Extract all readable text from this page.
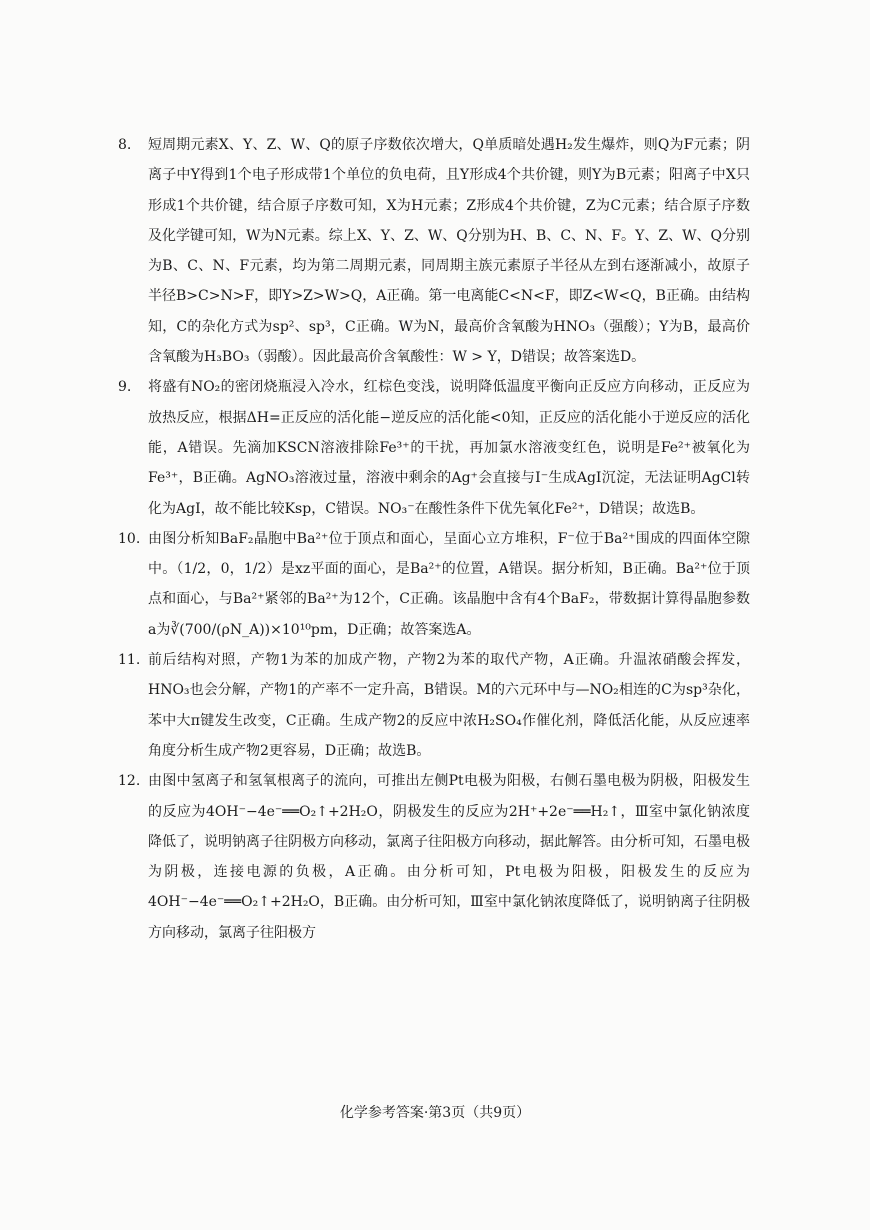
8.	短周期元素X、Y、Z、W、Q的原子序数依次增大，Q单质暗处遇H₂发生爆炸，则Q为F元素；阴离子中Y得到1个电子形成带1个单位的负电荷，且Y形成4个共价键，则Y为B元素；阳离子中X只形成1个共价键，结合原子序数可知，X为H元素；Z形成4个共价键，Z为C元素；结合原子序数及化学键可知，W为N元素。综上X、Y、Z、W、Q分别为H、B、C、N、F。Y、Z、W、Q分别为B、C、N、F元素，均为第二周期元素，同周期主族元素原子半径从左到右逐渐减小，故原子半径B>C>N>F，即Y>Z>W>Q，A正确。第一电离能C<N<F，即Z<W<Q，B正确。由结构知，C的杂化方式为sp²、sp³，C正确。W为N，最高价含氧酸为HNO₃（强酸）；Y为B，最高价含氧酸为H₃BO₃（弱酸）。因此最高价含氧酸性：W > Y，D错误；故答案选D。
9.	将盛有NO₂的密闭烧瓶浸入冷水，红棕色变浅，说明降低温度平衡向正反应方向移动，正反应为放热反应，根据ΔH=正反应的活化能−逆反应的活化能<0知，正反应的活化能小于逆反应的活化能，A错误。先滴加KSCN溶液排除Fe³⁺的干扰，再加氯水溶液变红色，说明是Fe²⁺被氧化为Fe³⁺，B正确。AgNO₃溶液过量，溶液中剩余的Ag⁺会直接与I⁻生成AgI沉淀，无法证明AgCl转化为AgI，故不能比较Ksp，C错误。NO₃⁻在酸性条件下优先氧化Fe²⁺，D错误；故选B。
10. 由图分析知BaF₂晶胞中Ba²⁺位于顶点和面心，呈面心立方堆积，F⁻位于Ba²⁺围成的四面体空隙中。（1/2，0，1/2）是xz平面的面心，是Ba²⁺的位置，A错误。据分析知，B正确。Ba²⁺位于顶点和面心，与Ba²⁺紧邻的Ba²⁺为12个，C正确。该晶胞中含有4个BaF₂，带数据计算得晶胞参数a为∛(700/(ρN_A))×10¹⁰pm，D正确；故答案选A。
11. 前后结构对照，产物1为苯的加成产物，产物2为苯的取代产物，A正确。升温浓硝酸会挥发，HNO₃也会分解，产物1的产率不一定升高，B错误。M的六元环中与—NO₂相连的C为sp³杂化，苯中大π键发生改变，C正确。生成产物2的反应中浓H₂SO₄作催化剂，降低活化能，从反应速率角度分析生成产物2更容易，D正确；故选B。
12. 由图中氢离子和氢氧根离子的流向，可推出左侧Pt电极为阳极，右侧石墨电极为阴极，阳极发生的反应为4OH⁻−4e⁻══O₂↑+2H₂O，阴极发生的反应为2H⁺+2e⁻══H₂↑，Ⅲ室中氯化钠浓度降低了，说明钠离子往阴极方向移动，氯离子往阳极方向移动，据此解答。由分析可知，石墨电极为阴极，连接电源的负极，A正确。由分析可知，Pt电极为阳极，阳极发生的反应为4OH⁻−4e⁻══O₂↑+2H₂O，B正确。由分析可知，Ⅲ室中氯化钠浓度降低了，说明钠离子往阴极方向移动，氯离子往阳极方
化学参考答案·第3页（共9页）
